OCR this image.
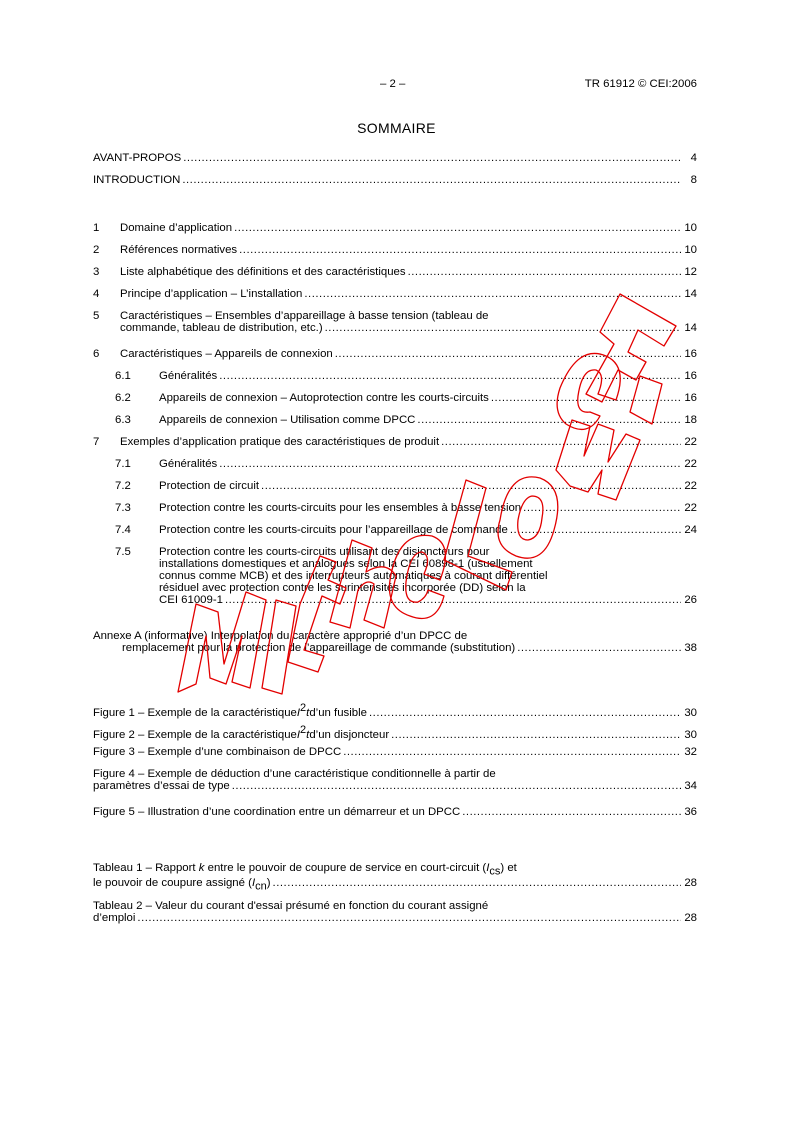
– 2 –	TR 61912 © CEI:2006
SOMMAIRE
AVANT-PROPOS .....	4
INTRODUCTION .....	8
1	Domaine d’application .....	10
2	Références normatives .....	10
3	Liste alphabétique des définitions et des caractéristiques .....	12
4	Principe d’application – L’installation .....	14
5 Caractéristiques – Ensembles d’appareillage à basse tension (tableau de
commande, tableau de distribution, etc.) .....	14
6	Caractéristiques – Appareils de connexion .....	16
6.1	Généralités .....	16
6.2	Appareils de connexion – Autoprotection contre les courts-circuits .....	16
6.3	Appareils de connexion – Utilisation comme DPCC .....	18
7	Exemples d’application pratique des caractéristiques de produit .....	22
7.1	Généralités .....	22
7.2	Protection de circuit .....	22
7.3	Protection contre les courts-circuits pour les ensembles à basse tension .....	22
7.4	Protection contre les courts-circuits pour l’appareillage de commande .....	24
7.5 Protection contre les courts-circuits utilisant des disjoncteurs pour
installations domestiques et analogues selon la CEI 60898-1 (usuellement
connus comme MCB) et des interrupteurs automatiques à courant différentiel
résiduel avec protection contre les surintensités incorporée (DD) selon la
CEI 61009-1 .....	26
Annexe A (informative) Interpolation du caractère approprié d’un DPCC de
remplacement pour la protection de l’appareillage de commande (substitution) .....	38
Figure 1 – Exemple de la caractéristique $I^2t$ d’un fusible .....	30
Figure 2 – Exemple de la caractéristique $I^2t$ d’un disjoncteur .....	30
Figure 3 – Exemple d’une combinaison de DPCC .....	32
Figure 4 – Exemple de déduction d’une caractéristique conditionnelle à partir de
paramètres d’essai de type .....	34
Figure 5 – Illustration d’une coordination entre un démarreur et un DPCC .....	36
Tableau 1 – Rapport k entre le pouvoir de coupure de service en court-circuit $(I_{cs})$ et
le pouvoir de coupure assigné ( $I_{cn}$ ) .....	28
Tableau 2 – Valeur du courant d'essai présumé en fonction du courant assigné
d’emploi .....	28
